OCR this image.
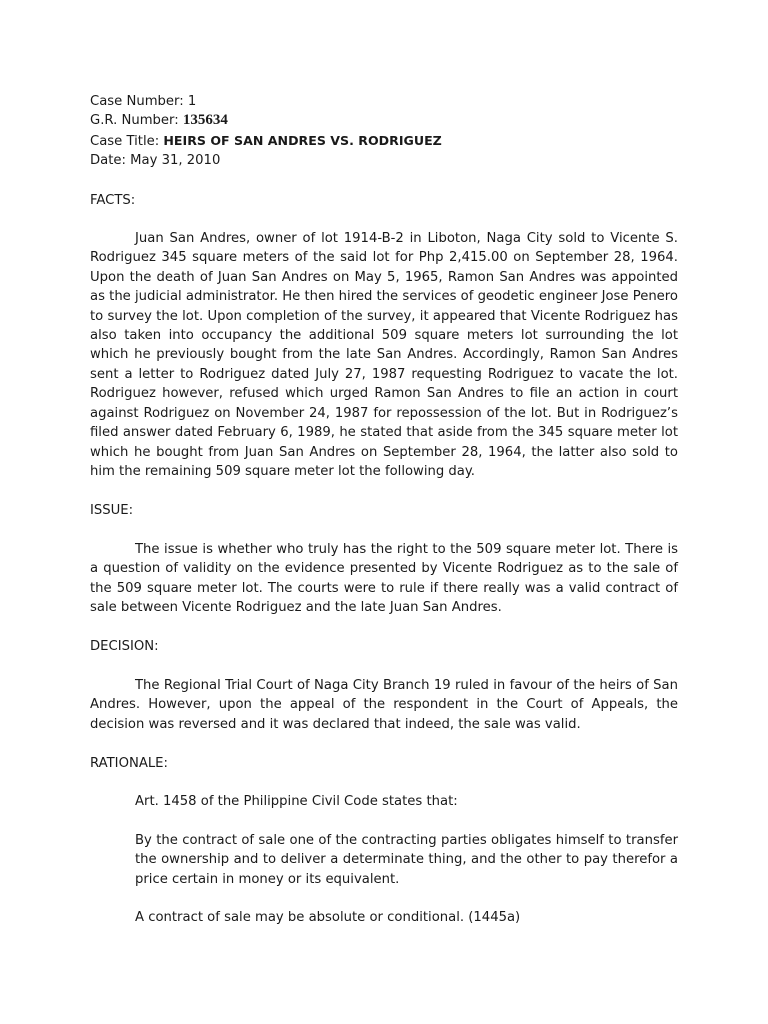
Case Number: 1
G.R. Number: 135634
Case Title: HEIRS OF SAN ANDRES VS. RODRIGUEZ
Date: May 31, 2010
FACTS:

Juan San Andres, owner of lot 1914-B-2 in Liboton, Naga City sold to Vicente S. Rodriguez 345 square meters of the said lot for Php 2,415.00 on September 28, 1964. Upon the death of Juan San Andres on May 5, 1965, Ramon San Andres was appointed as the judicial administrator. He then hired the services of geodetic engineer Jose Penero to survey the lot. Upon completion of the survey, it appeared that Vicente Rodriguez has also taken into occupancy the additional 509 square meters lot surrounding the lot which he previously bought from the late San Andres. Accordingly, Ramon San Andres sent a letter to Rodriguez dated July 27, 1987 requesting Rodriguez to vacate the lot. Rodriguez however, refused which urged Ramon San Andres to file an action in court against Rodriguez on November 24, 1987 for repossession of the lot. But in Rodriguez’s filed answer dated February 6, 1989, he stated that aside from the 345 square meter lot which he bought from Juan San Andres on September 28, 1964, the latter also sold to him the remaining 509 square meter lot the following day.

ISSUE:

The issue is whether who truly has the right to the 509 square meter lot. There is a question of validity on the evidence presented by Vicente Rodriguez as to the sale of the 509 square meter lot. The courts were to rule if there really was a valid contract of sale between Vicente Rodriguez and the late Juan San Andres.

DECISION:

The Regional Trial Court of Naga City Branch 19 ruled in favour of the heirs of San Andres. However, upon the appeal of the respondent in the Court of Appeals, the decision was reversed and it was declared that indeed, the sale was valid.

RATIONALE:
Art. 1458 of the Philippine Civil Code states that:

By the contract of sale one of the contracting parties obligates himself to transfer the ownership and to deliver a determinate thing, and the other to pay therefor a price certain in money or its equivalent.

A contract of sale may be absolute or conditional. (1445a)
